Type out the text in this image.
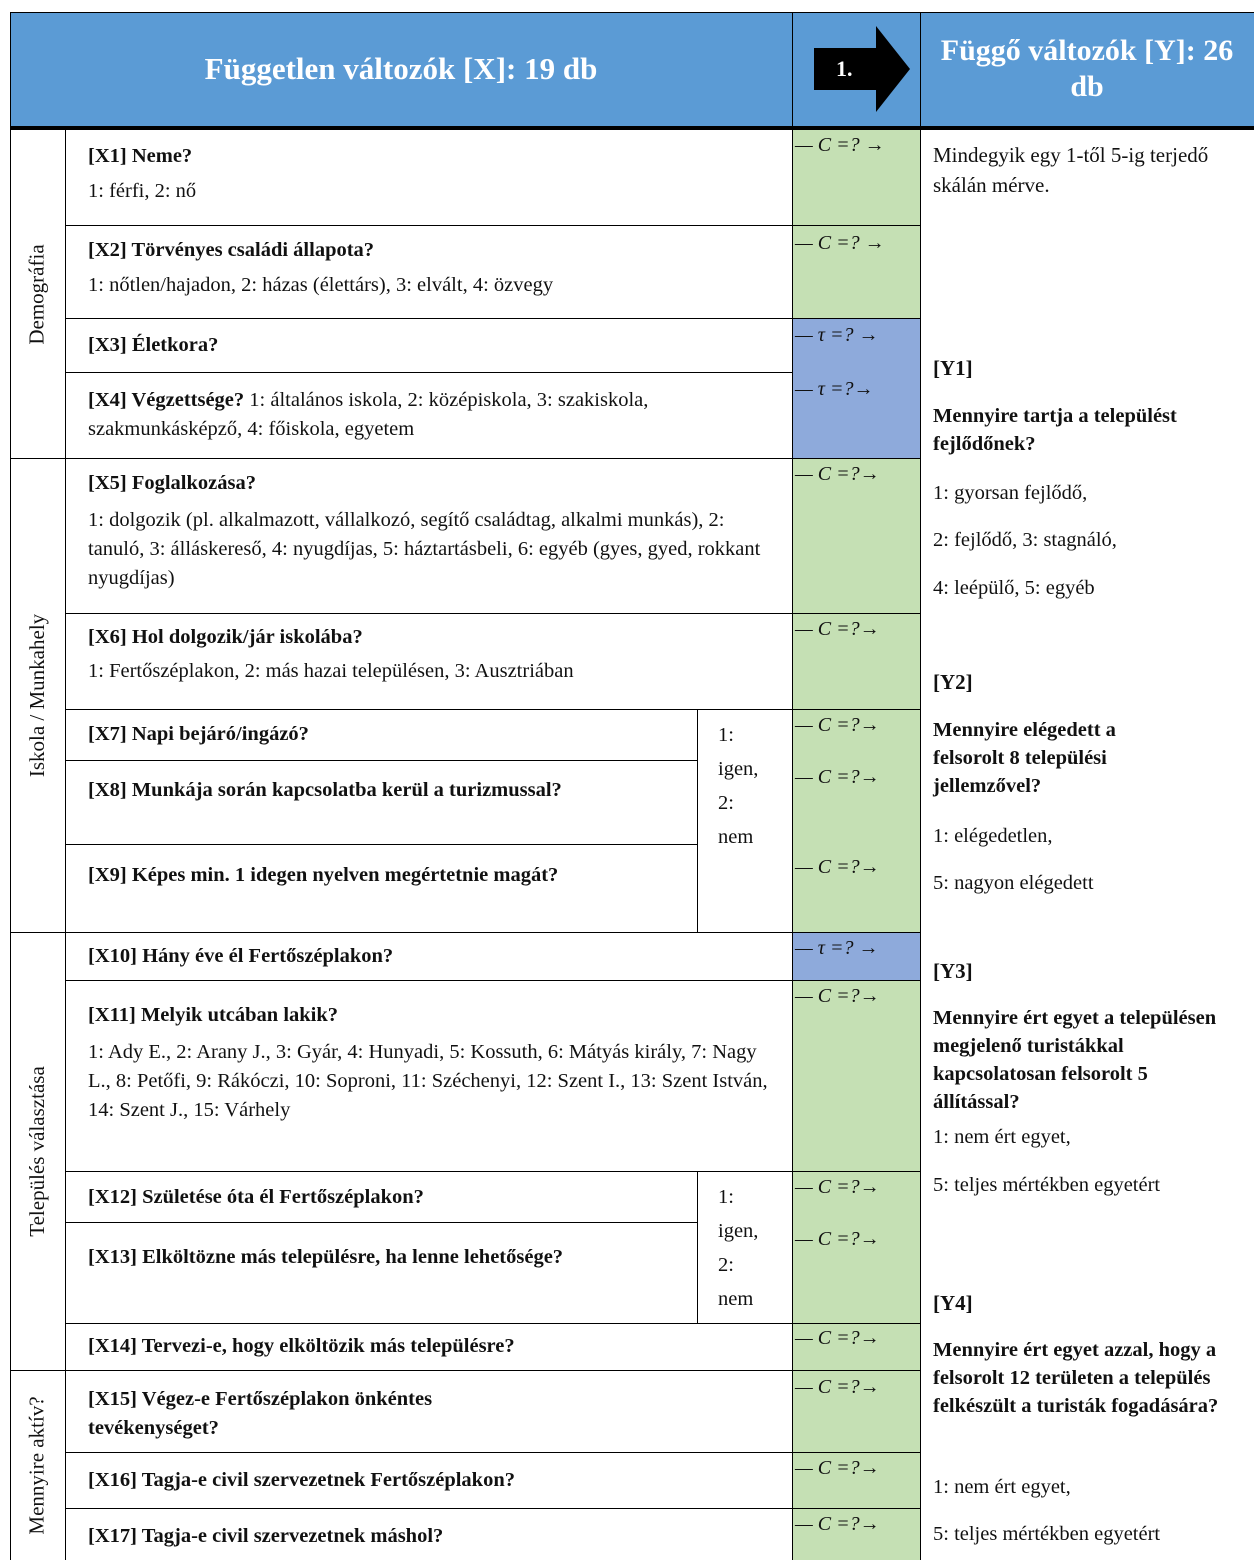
Független változók [X]: 19 db	1.
Függő változók [Y]: 26 db
Demográfia
Iskola / Munkahely
Település választása
Mennyire aktív?
[X1] Neme?
1: férfi, 2: nő
[X2] Törvényes családi állapota?
1: nőtlen/hajadon, 2: házas (élettárs), 3: elvált, 4: özvegy
[X3] Életkora?
[X4] Végzettsége? 1: általános iskola, 2: középiskola, 3: szakiskola, szakmunkásképző, 4: főiskola, egyetem
[X5] Foglalkozása?

1: dolgozik (pl. alkalmazott, vállalkozó, segítő családtag, alkalmi munkás), 2: tanuló, 3: álláskereső, 4: nyugdíjas, 5: háztartásbeli, 6: egyéb (gyes, gyed, rokkant nyugdíjas)
[X6] Hol dolgozik/jár iskolába?
1: Fertőszéplakon, 2: más hazai településen, 3: Ausztriában
[X7] Napi bejáró/ingázó?
[X8] Munkája során kapcsolatba kerül a turizmussal?
[X9] Képes min. 1 idegen nyelven megértetnie magát?
[X10] Hány éve él Fertőszéplakon?
[X11] Melyik utcában lakik?

1: Ady E., 2: Arany J., 3: Gyár, 4: Hunyadi, 5: Kossuth, 6: Mátyás király, 7: Nagy L., 8: Petőfi, 9: Rákóczi, 10: Soproni, 11: Széchenyi, 12: Szent I., 13: Szent István, 14: Szent J., 15: Várhely
[X12] Születése óta él Fertőszéplakon?
[X13] Elköltözne más településre, ha lenne lehetősége?
[X14] Tervezi-e, hogy elköltözik más településre?
[X15] Végez-e Fertőszéplakon önkéntes tevékenységet?
[X16] Tagja-e civil szervezetnek Fertőszéplakon?
[X17] Tagja-e civil szervezetnek máshol?
1:
igen,
2:
nem
1:
igen,
2:
nem
— C =? →
— C =? →
— τ =? →
— τ =?→
— C =?→
— C =?→
— C =?→
— C =?→
— C =?→
— τ =? →
— C =?→
— C =?→
— C =?→
— C =?→
— C =?→
— C =?→
— C =?→
Mindegyik egy 1-től 5-ig terjedő skálán mérve.
[Y1]
Mennyire tartja a települést fejlődőnek?
1: gyorsan fejlődő,
2: fejlődő, 3: stagnáló,
4: leépülő, 5: egyéb
[Y2]
Mennyire elégedett a felsorolt 8 települési jellemzővel?
1: elégedetlen,
5: nagyon elégedett
[Y3]
Mennyire ért egyet a településen megjelenő turistákkal kapcsolatosan felsorolt 5 állítással?
1: nem ért egyet,
5: teljes mértékben egyetért
[Y4]
Mennyire ért egyet azzal, hogy a felsorolt 12 területen a település felkészült a turisták fogadására?
1: nem ért egyet,
5: teljes mértékben egyetért
